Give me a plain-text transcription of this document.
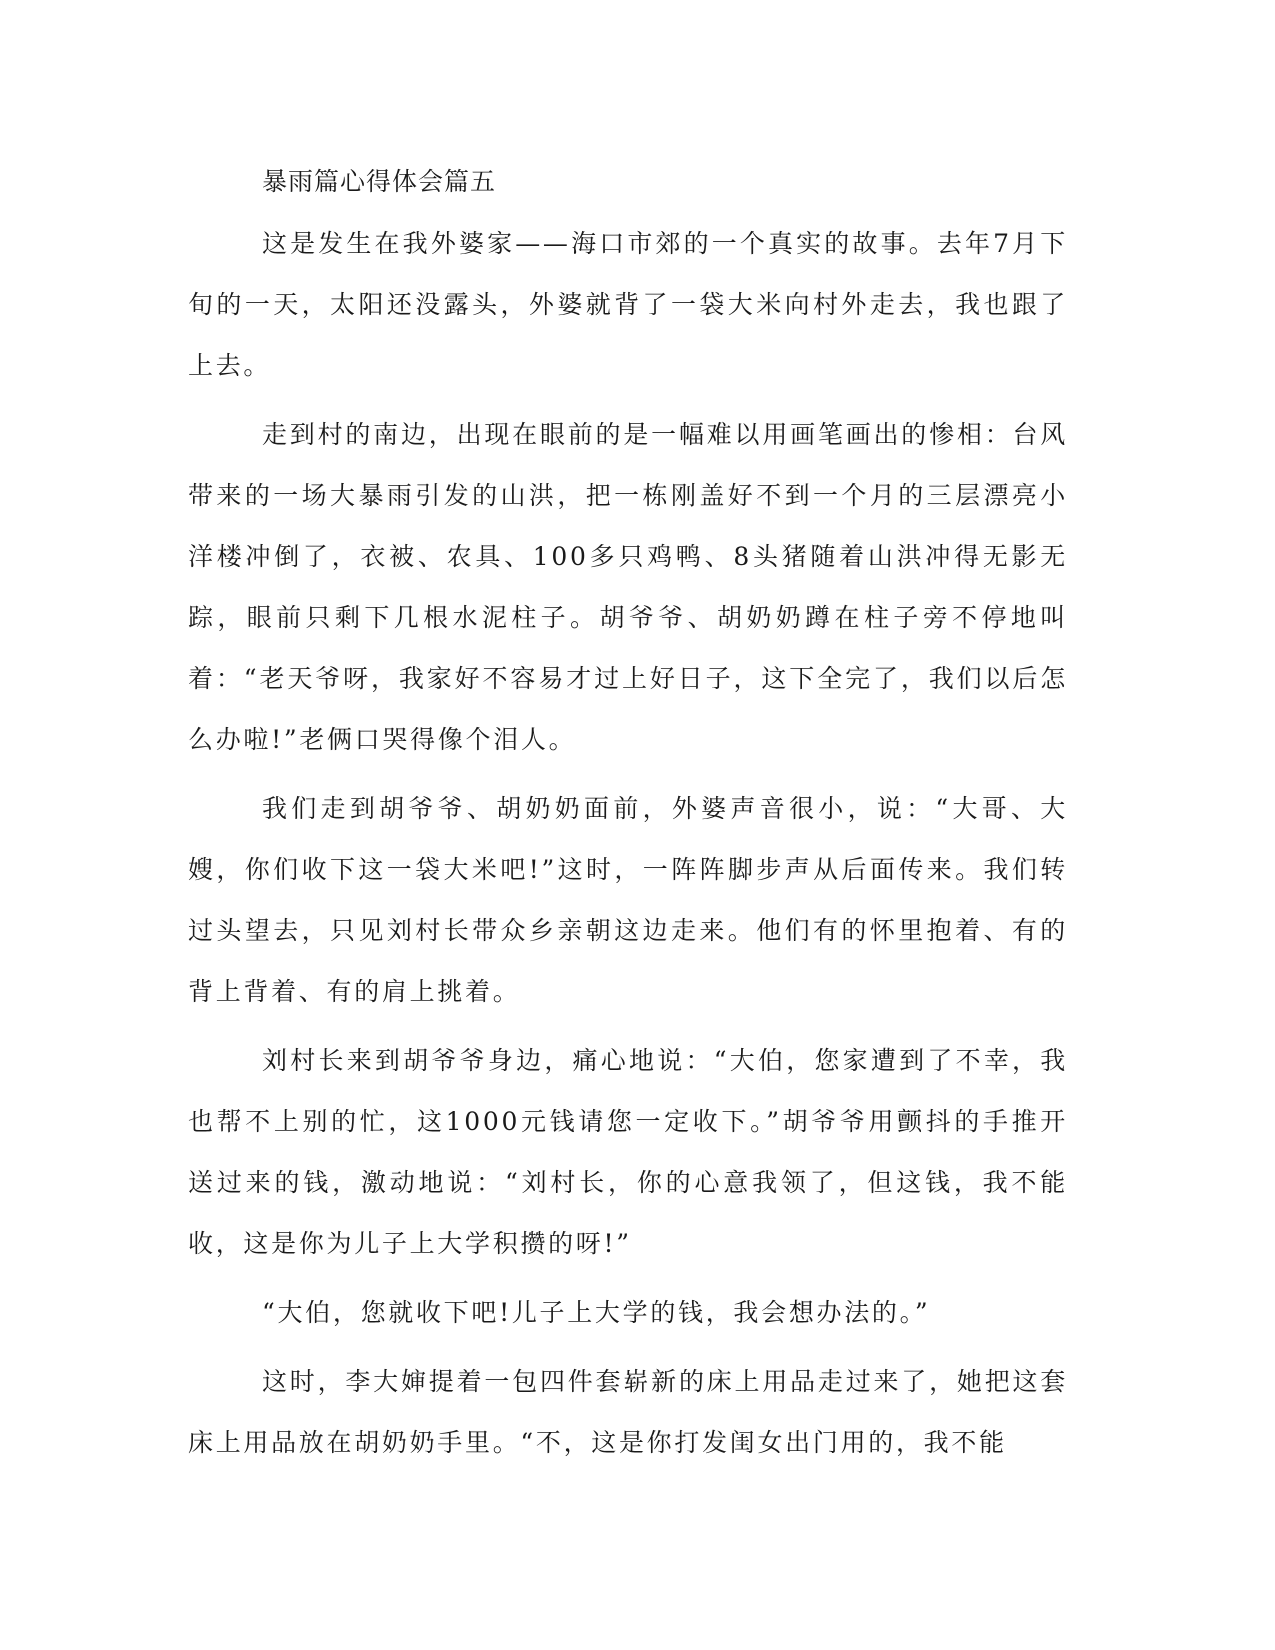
暴雨篇心得体会篇五

这是发生在我外婆家——海口市郊的一个真实的故事。去年7月下旬的一天，太阳还没露头，外婆就背了一袋大米向村外走去，我也跟了上去。

走到村的南边，出现在眼前的是一幅难以用画笔画出的惨相：台风带来的一场大暴雨引发的山洪，把一栋刚盖好不到一个月的三层漂亮小洋楼冲倒了，衣被、农具、100多只鸡鸭、8头猪随着山洪冲得无影无踪，眼前只剩下几根水泥柱子。胡爷爷、胡奶奶蹲在柱子旁不停地叫着：“老天爷呀，我家好不容易才过上好日子，这下全完了，我们以后怎么办啦!”老俩口哭得像个泪人。

我们走到胡爷爷、胡奶奶面前，外婆声音很小，说：“大哥、大嫂，你们收下这一袋大米吧!”这时，一阵阵脚步声从后面传来。我们转过头望去，只见刘村长带众乡亲朝这边走来。他们有的怀里抱着、有的背上背着、有的肩上挑着。

刘村长来到胡爷爷身边，痛心地说：“大伯，您家遭到了不幸，我也帮不上别的忙，这1000元钱请您一定收下。”胡爷爷用颤抖的手推开送过来的钱，激动地说：“刘村长，你的心意我领了，但这钱，我不能收，这是你为儿子上大学积攒的呀!”

“大伯，您就收下吧!儿子上大学的钱，我会想办法的。”

这时，李大婶提着一包四件套崭新的床上用品走过来了，她把这套床上用品放在胡奶奶手里。“不，这是你打发闺女出门用的，我不能
